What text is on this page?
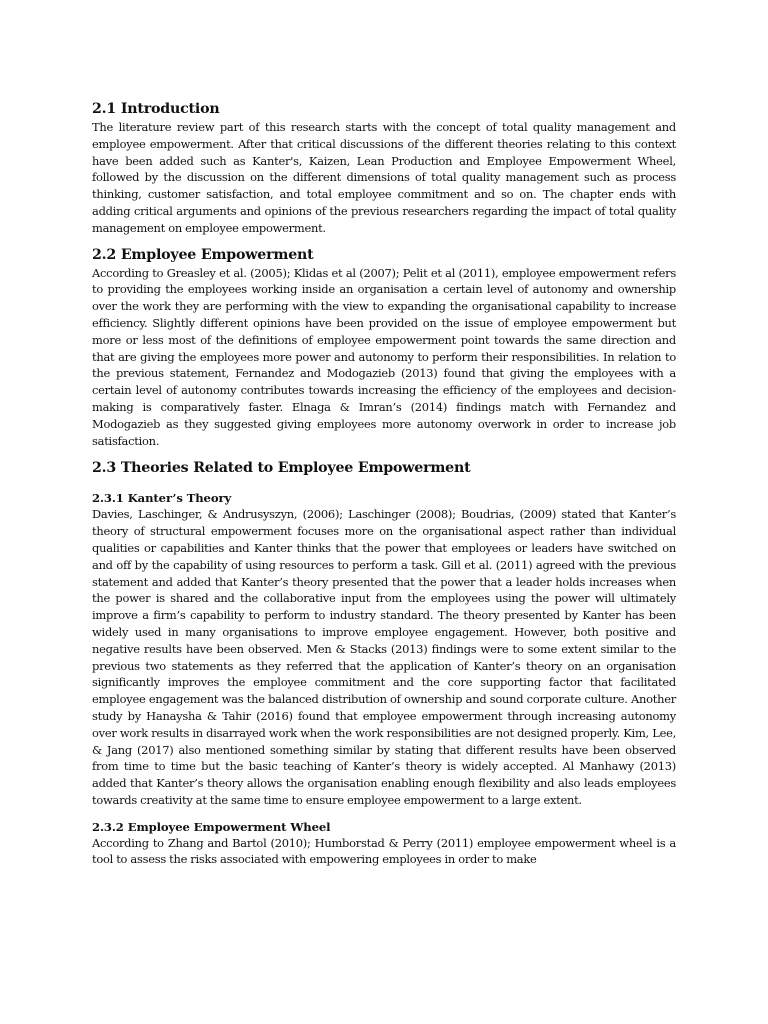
2.1 Introduction

The literature review part of this research starts with the concept of total quality management and employee empowerment. After that critical discussions of the different theories relating to this context have been added such as Kanter's, Kaizen, Lean Production and Employee Empowerment Wheel, followed by the discussion on the different dimensions of total quality management such as process thinking, customer satisfaction, and total employee commitment and so on. The chapter ends with adding critical arguments and opinions of the previous researchers regarding the impact of total quality management on employee empowerment.

2.2 Employee Empowerment

According to Greasley et al. (2005); Klidas et al (2007); Pelit et al (2011), employee empowerment refers to providing the employees working inside an organisation a certain level of autonomy and ownership over the work they are performing with the view to expanding the organisational capability to increase efficiency. Slightly different opinions have been provided on the issue of employee empowerment but more or less most of the definitions of employee empowerment point towards the same direction and that are giving the employees more power and autonomy to perform their responsibilities. In relation to the previous statement, Fernandez and Modogazieb (2013) found that giving the employees with a certain level of autonomy contributes towards increasing the efficiency of the employees and decision-making is comparatively faster. Elnaga & Imran’s (2014) findings match with Fernandez and Modogazieb as they suggested giving employees more autonomy overwork in order to increase job satisfaction.

2.3 Theories Related to Employee Empowerment
2.3.1 Kanter’s Theory

Davies, Laschinger, & Andrusyszyn, (2006); Laschinger (2008); Boudrias, (2009) stated that Kanter’s theory of structural empowerment focuses more on the organisational aspect rather than individual qualities or capabilities and Kanter thinks that the power that employees or leaders have switched on and off by the capability of using resources to perform a task. Gill et al. (2011) agreed with the previous statement and added that Kanter’s theory presented that the power that a leader holds increases when the power is shared and the collaborative input from the employees using the power will ultimately improve a firm’s capability to perform to industry standard. The theory presented by Kanter has been widely used in many organisations to improve employee engagement. However, both positive and negative results have been observed. Men & Stacks (2013) findings were to some extent similar to the previous two statements as they referred that the application of Kanter’s theory on an organisation significantly improves the employee commitment and the core supporting factor that facilitated employee engagement was the balanced distribution of ownership and sound corporate culture. Another study by Hanaysha & Tahir (2016) found that employee empowerment through increasing autonomy over work results in disarrayed work when the work responsibilities are not designed properly. Kim, Lee, & Jang (2017) also mentioned something similar by stating that different results have been observed from time to time but the basic teaching of Kanter’s theory is widely accepted. Al Manhawy (2013) added that Kanter’s theory allows the organisation enabling enough flexibility and also leads employees towards creativity at the same time to ensure employee empowerment to a large extent.

2.3.2 Employee Empowerment Wheel

According to Zhang and Bartol (2010); Humborstad & Perry (2011) employee empowerment wheel is a tool to assess the risks associated with empowering employees in order to make
